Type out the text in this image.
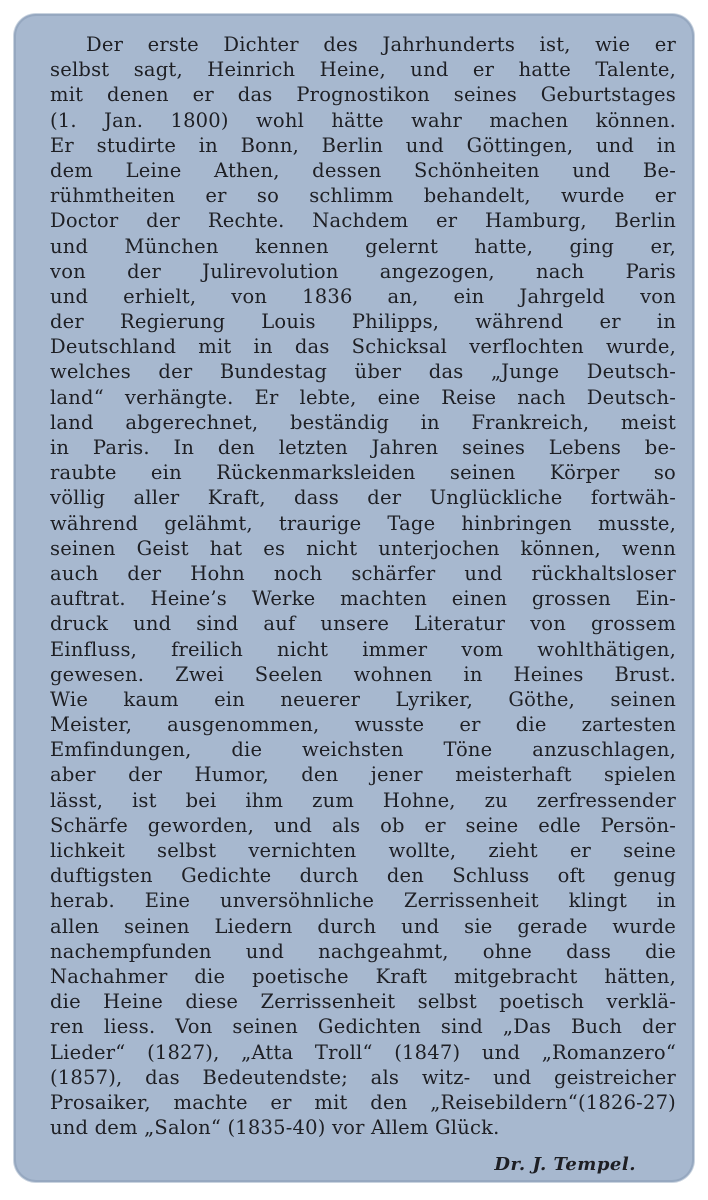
Der erste Dichter des Jahrhunderts ist, wie er
selbst sagt, Heinrich Heine, und er hatte Talente,
mit denen er das Prognostikon seines Geburtstages
(1. Jan. 1800) wohl hätte wahr machen können.
Er studirte in Bonn, Berlin und Göttingen, und in
dem Leine Athen, dessen Schönheiten und Be-
rühmtheiten er so schlimm behandelt, wurde er
Doctor der Rechte. Nachdem er Hamburg, Berlin
und München kennen gelernt hatte, ging er,
von der Julirevolution angezogen, nach Paris
und erhielt, von 1836 an, ein Jahrgeld von
der Regierung Louis Philipps, während er in
Deutschland mit in das Schicksal verflochten wurde,
welches der Bundestag über das „Junge Deutsch-
land“ verhängte. Er lebte, eine Reise nach Deutsch-
land abgerechnet, beständig in Frankreich, meist
in Paris. In den letzten Jahren seines Lebens be-
raubte ein Rückenmarksleiden seinen Körper so
völlig aller Kraft, dass der Unglückliche fortwäh-
während gelähmt, traurige Tage hinbringen musste,
seinen Geist hat es nicht unterjochen können, wenn
auch der Hohn noch schärfer und rückhaltsloser
auftrat. Heine’s Werke machten einen grossen Ein-
druck und sind auf unsere Literatur von grossem
Einfluss, freilich nicht immer vom wohlthätigen,
gewesen. Zwei Seelen wohnen in Heines Brust.
Wie kaum ein neuerer Lyriker, Göthe, seinen
Meister, ausgenommen, wusste er die zartesten
Emfindungen, die weichsten Töne anzuschlagen,
aber der Humor, den jener meisterhaft spielen
lässt, ist bei ihm zum Hohne, zu zerfressender
Schärfe geworden, und als ob er seine edle Persön-
lichkeit selbst vernichten wollte, zieht er seine
duftigsten Gedichte durch den Schluss oft genug
herab. Eine unversöhnliche Zerrissenheit klingt in
allen seinen Liedern durch und sie gerade wurde
nachempfunden und nachgeahmt, ohne dass die
Nachahmer die poetische Kraft mitgebracht hätten,
die Heine diese Zerrissenheit selbst poetisch verklä-
ren liess. Von seinen Gedichten sind „Das Buch der
Lieder“ (1827), „Atta Troll“ (1847) und „Romanzero“
(1857), das Bedeutendste; als witz- und geistreicher
Prosaiker, machte er mit den „Reisebildern“(1826-27)
und dem „Salon“ (1835-40) vor Allem Glück.
Dr. J. Tempel.
